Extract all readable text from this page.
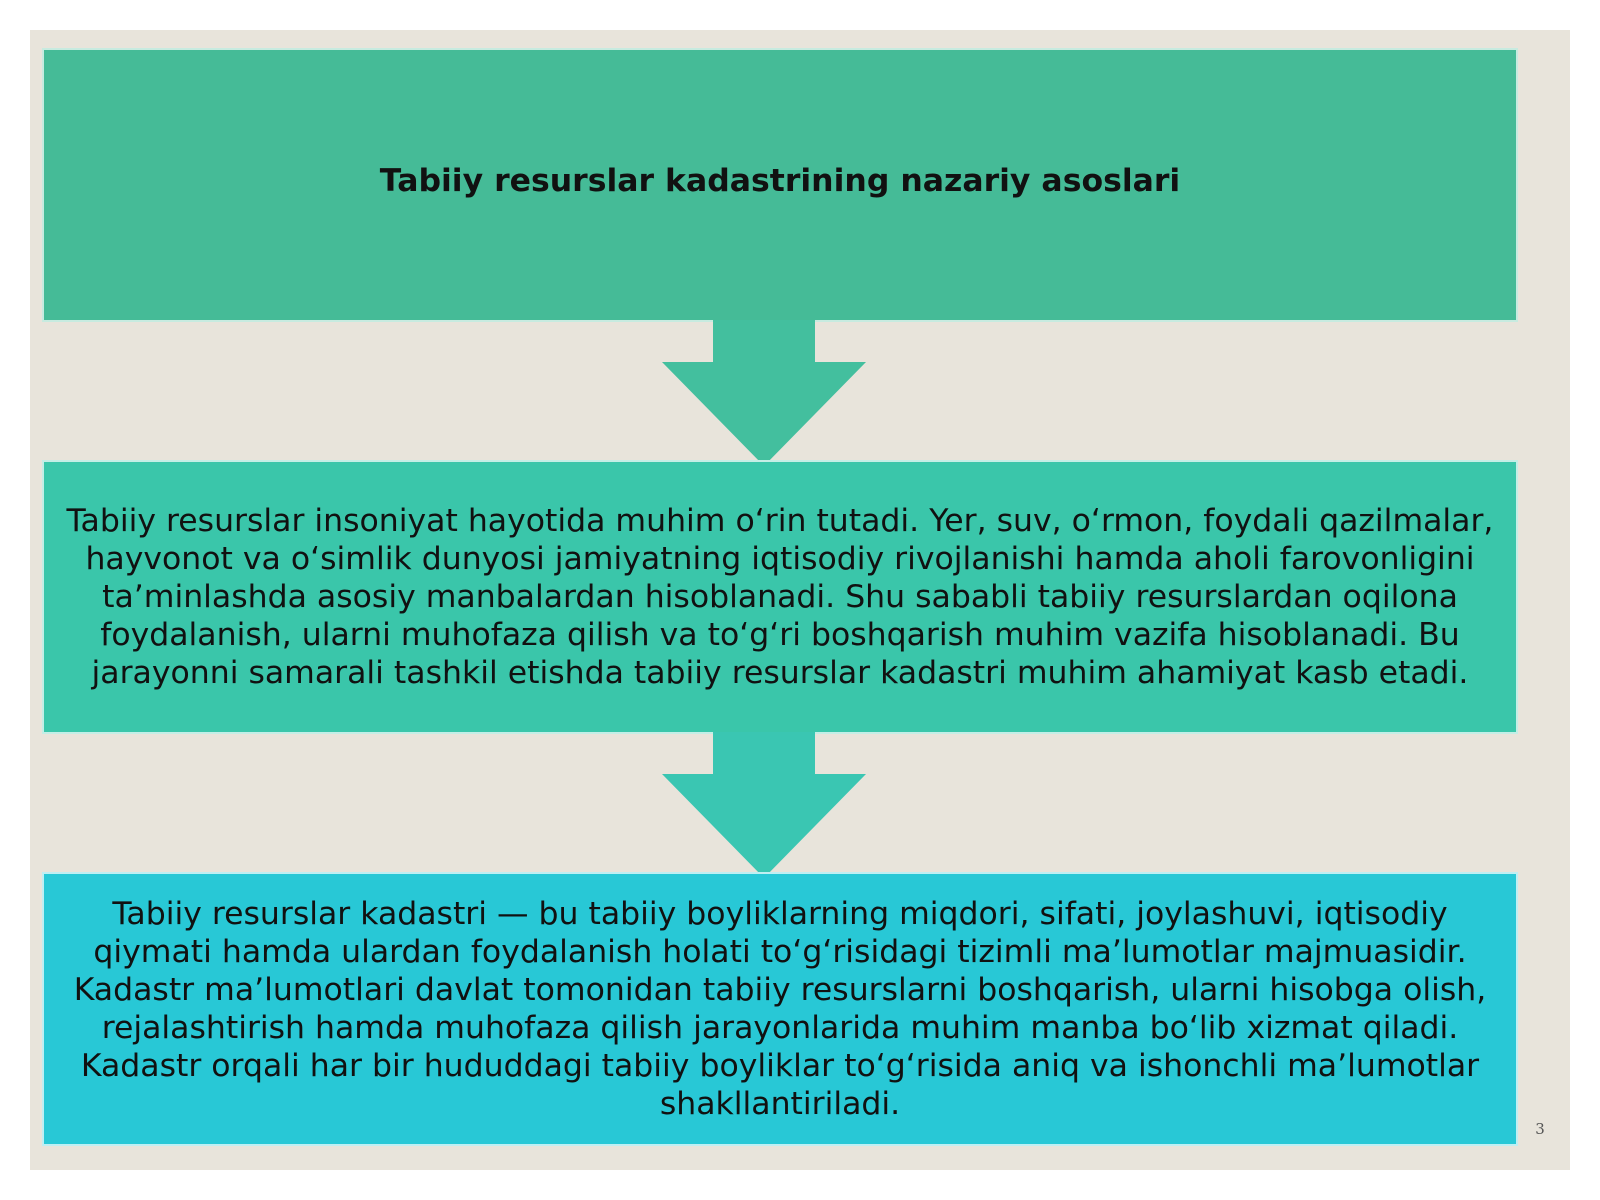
Tabiiy resurslar kadastrining nazariy asoslari
Tabiiy resurslar insoniyat hayotida muhim o‘rin tutadi. Yer, suv, o‘rmon, foydali qazilmalar, hayvonot va o‘simlik dunyosi jamiyatning iqtisodiy rivojlanishi hamda aholi farovonligini ta’minlashda asosiy manbalardan hisoblanadi. Shu sababli tabiiy resurslardan oqilona foydalanish, ularni muhofaza qilish va to‘g‘ri boshqarish muhim vazifa hisoblanadi. Bu jarayonni samarali tashkil etishda tabiiy resurslar kadastri muhim ahamiyat kasb etadi.
Tabiiy resurslar kadastri — bu tabiiy boyliklarning miqdori, sifati, joylashuvi, iqtisodiy qiymati hamda ulardan foydalanish holati to‘g‘risidagi tizimli ma’lumotlar majmuasidir. Kadastr ma’lumotlari davlat tomonidan tabiiy resurslarni boshqarish, ularni hisobga olish, rejalashtirish hamda muhofaza qilish jarayonlarida muhim manba bo‘lib xizmat qiladi. Kadastr orqali har bir hududdagi tabiiy boyliklar to‘g‘risida aniq va ishonchli ma’lumotlar shakllantiriladi.
3
